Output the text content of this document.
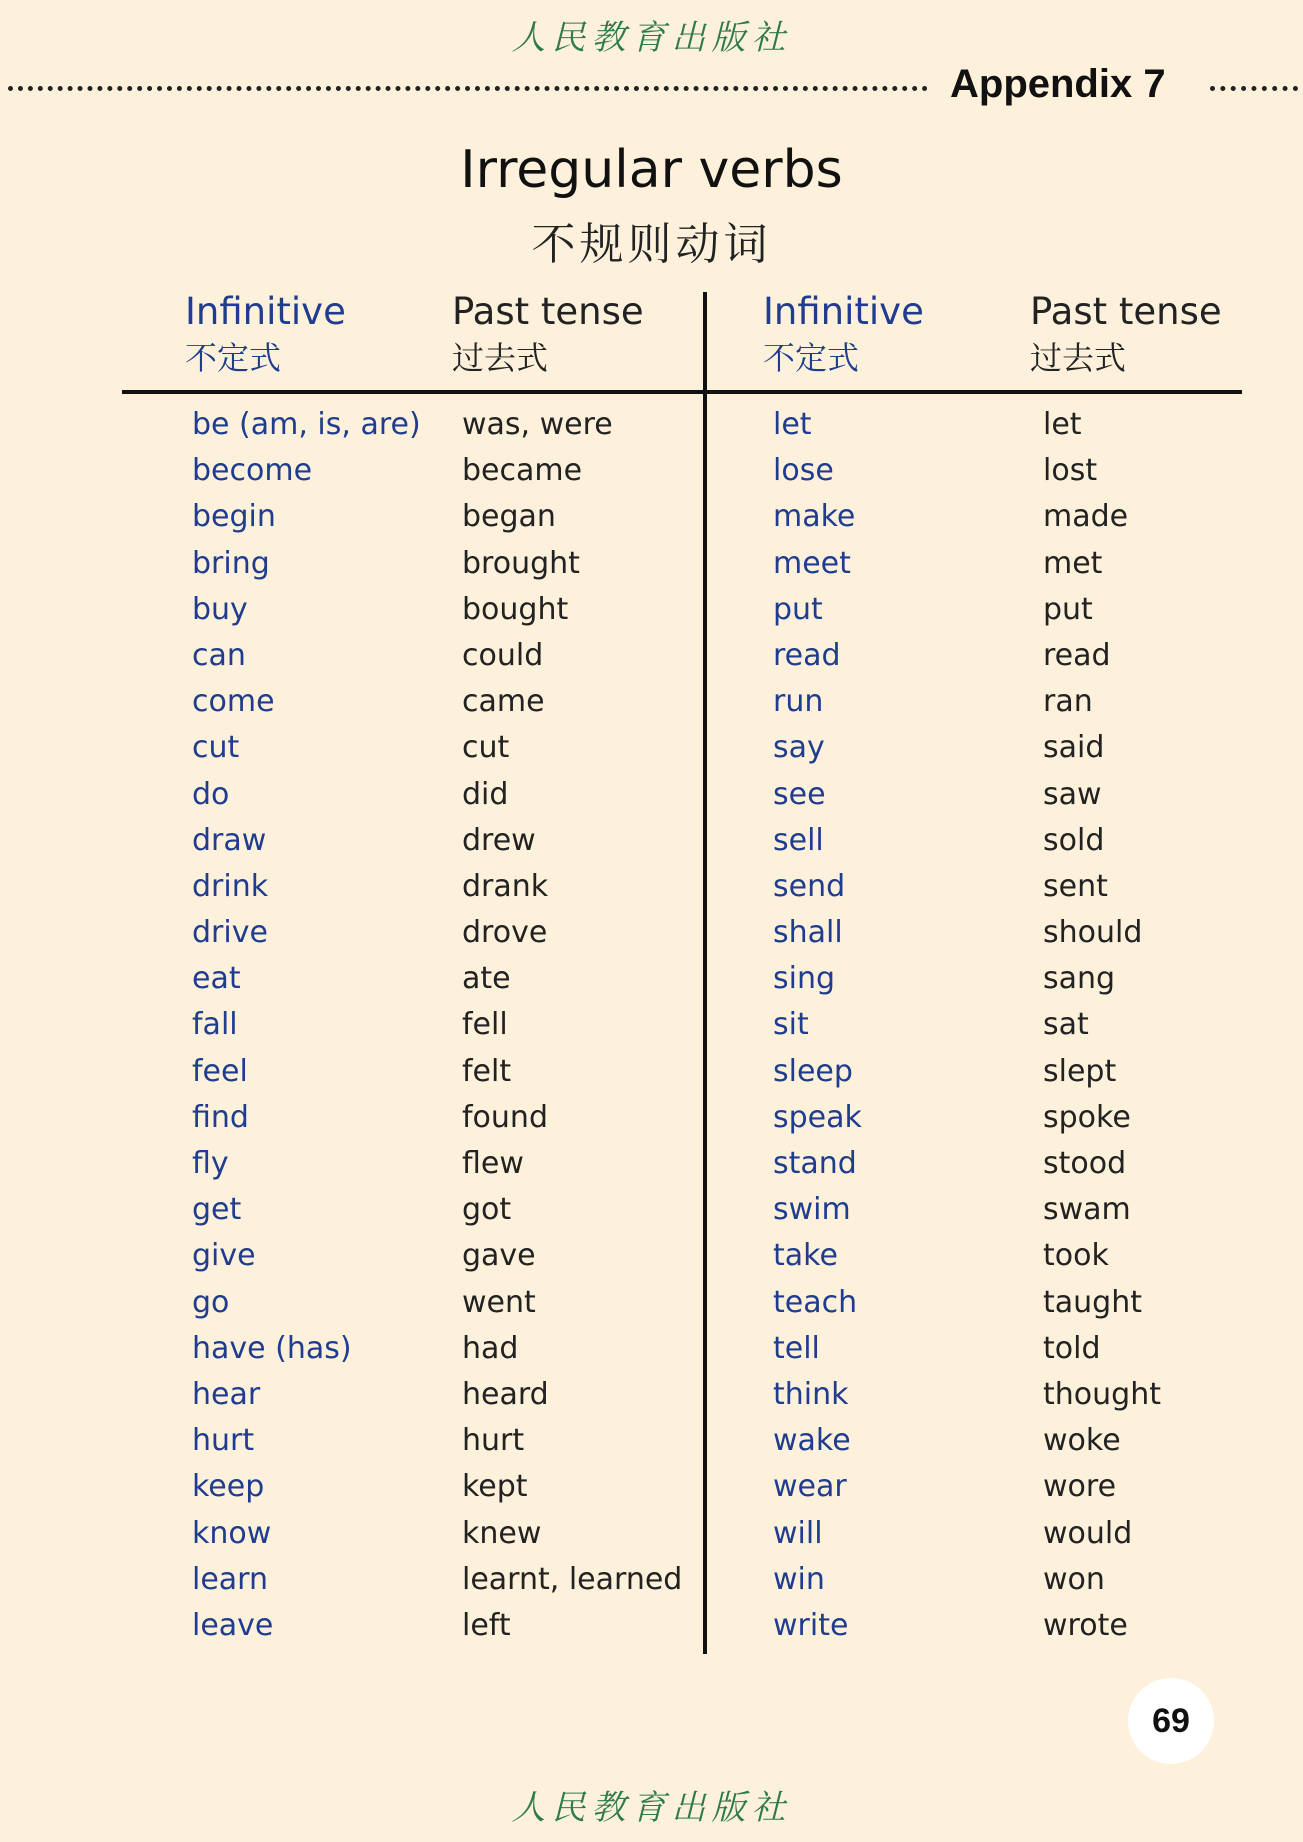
人民教育出版社
Appendix 7
Irregular verbs
不规则动词
Infinitive
不定式
Past tense
过去式
Infinitive
不定式
Past tense
过去式
be (am, is, are)
become
begin
bring
buy
can
come
cut
do
draw
drink
drive
eat
fall
feel
find
fly
get
give
go
have (has)
hear
hurt
keep
know
learn
leave
was, were
became
began
brought
bought
could
came
cut
did
drew
drank
drove
ate
fell
felt
found
flew
got
gave
went
had
heard
hurt
kept
knew
learnt, learned
left
let
lose
make
meet
put
read
run
say
see
sell
send
shall
sing
sit
sleep
speak
stand
swim
take
teach
tell
think
wake
wear
will
win
write
let
lost
made
met
put
read
ran
said
saw
sold
sent
should
sang
sat
slept
spoke
stood
swam
took
taught
told
thought
woke
wore
would
won
wrote
69
人民教育出版社
